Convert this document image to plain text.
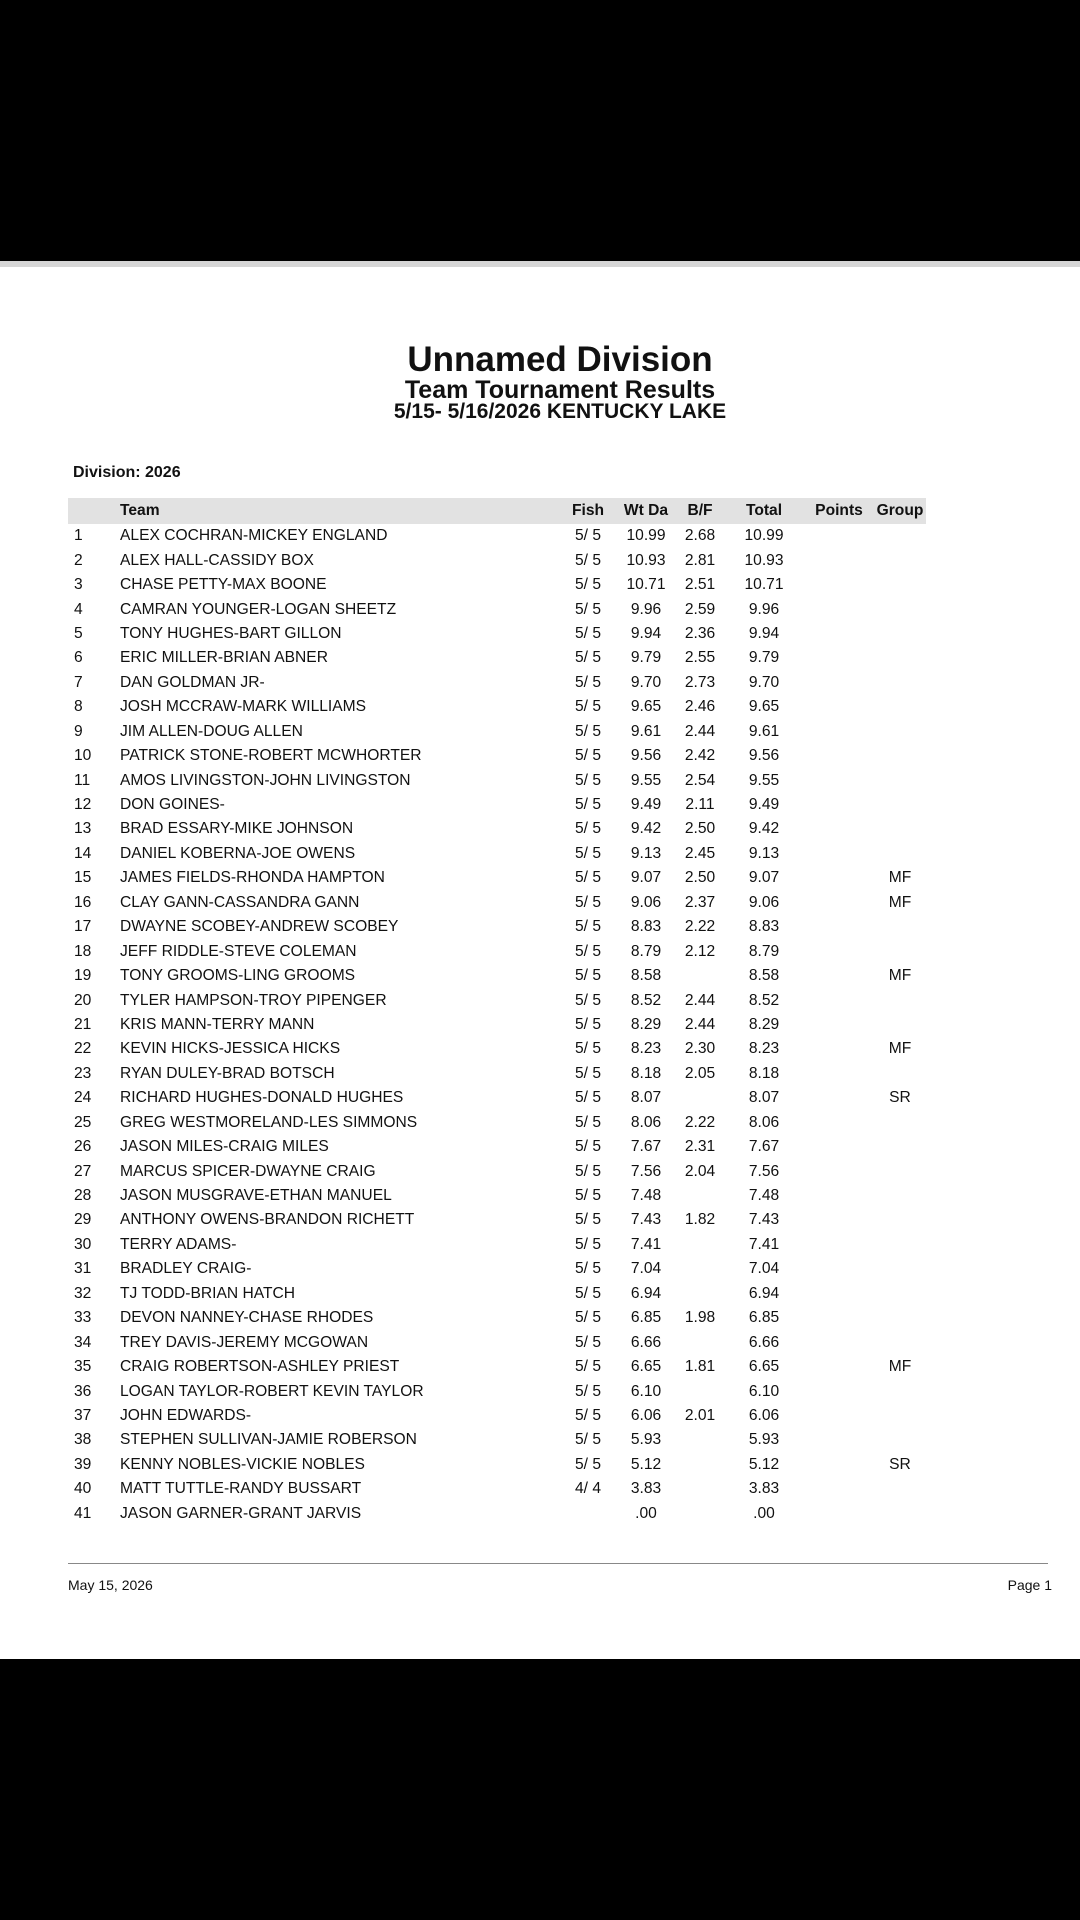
Unnamed Division
Team Tournament Results
5/15- 5/16/2026 KENTUCKY LAKE
Division: 2026
	Team	Fish	Wt Da	B/F	Total	Points	Group
1	ALEX COCHRAN-MICKEY ENGLAND	5/ 5	10.99	2.68	10.99		
2	ALEX HALL-CASSIDY BOX	5/ 5	10.93	2.81	10.93		
3	CHASE PETTY-MAX BOONE	5/ 5	10.71	2.51	10.71		
4	CAMRAN YOUNGER-LOGAN SHEETZ	5/ 5	9.96	2.59	9.96		
5	TONY HUGHES-BART GILLON	5/ 5	9.94	2.36	9.94		
6	ERIC MILLER-BRIAN ABNER	5/ 5	9.79	2.55	9.79		
7	DAN GOLDMAN JR-	5/ 5	9.70	2.73	9.70		
8	JOSH MCCRAW-MARK WILLIAMS	5/ 5	9.65	2.46	9.65		
9	JIM ALLEN-DOUG ALLEN	5/ 5	9.61	2.44	9.61		
10	PATRICK STONE-ROBERT MCWHORTER	5/ 5	9.56	2.42	9.56		
11	AMOS LIVINGSTON-JOHN LIVINGSTON	5/ 5	9.55	2.54	9.55		
12	DON GOINES-	5/ 5	9.49	2.11	9.49		
13	BRAD ESSARY-MIKE JOHNSON	5/ 5	9.42	2.50	9.42		
14	DANIEL KOBERNA-JOE OWENS	5/ 5	9.13	2.45	9.13		
15	JAMES FIELDS-RHONDA HAMPTON	5/ 5	9.07	2.50	9.07		MF
16	CLAY GANN-CASSANDRA GANN	5/ 5	9.06	2.37	9.06		MF
17	DWAYNE SCOBEY-ANDREW SCOBEY	5/ 5	8.83	2.22	8.83		
18	JEFF RIDDLE-STEVE COLEMAN	5/ 5	8.79	2.12	8.79		
19	TONY GROOMS-LING GROOMS	5/ 5	8.58		8.58		MF
20	TYLER HAMPSON-TROY PIPENGER	5/ 5	8.52	2.44	8.52		
21	KRIS MANN-TERRY MANN	5/ 5	8.29	2.44	8.29		
22	KEVIN HICKS-JESSICA HICKS	5/ 5	8.23	2.30	8.23		MF
23	RYAN DULEY-BRAD BOTSCH	5/ 5	8.18	2.05	8.18		
24	RICHARD HUGHES-DONALD HUGHES	5/ 5	8.07		8.07		SR
25	GREG WESTMORELAND-LES SIMMONS	5/ 5	8.06	2.22	8.06		
26	JASON MILES-CRAIG MILES	5/ 5	7.67	2.31	7.67		
27	MARCUS SPICER-DWAYNE CRAIG	5/ 5	7.56	2.04	7.56		
28	JASON MUSGRAVE-ETHAN MANUEL	5/ 5	7.48		7.48		
29	ANTHONY OWENS-BRANDON RICHETT	5/ 5	7.43	1.82	7.43		
30	TERRY ADAMS-	5/ 5	7.41		7.41		
31	BRADLEY CRAIG-	5/ 5	7.04		7.04		
32	TJ TODD-BRIAN HATCH	5/ 5	6.94		6.94		
33	DEVON NANNEY-CHASE RHODES	5/ 5	6.85	1.98	6.85		
34	TREY DAVIS-JEREMY MCGOWAN	5/ 5	6.66		6.66		
35	CRAIG ROBERTSON-ASHLEY PRIEST	5/ 5	6.65	1.81	6.65		MF
36	LOGAN TAYLOR-ROBERT KEVIN TAYLOR	5/ 5	6.10		6.10		
37	JOHN EDWARDS-	5/ 5	6.06	2.01	6.06		
38	STEPHEN SULLIVAN-JAMIE ROBERSON	5/ 5	5.93		5.93		
39	KENNY NOBLES-VICKIE NOBLES	5/ 5	5.12		5.12		SR
40	MATT TUTTLE-RANDY BUSSART	4/ 4	3.83		3.83		
41	JASON GARNER-GRANT JARVIS		.00		.00		
May 15, 2026	Page 1
